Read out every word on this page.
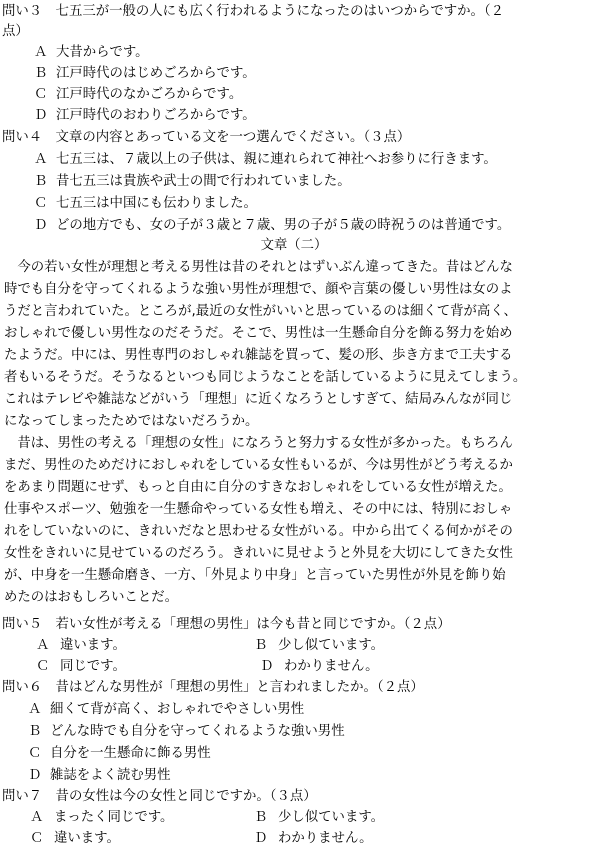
問い３　七五三が一般の人にも広く行われるようになったのはいつからですか。（２
点）
Ａ 大昔からです。
Ｂ 江戸時代のはじめごろからです。
Ｃ 江戸時代のなかごろからです。
Ｄ 江戸時代のおわりごろからです。
問い４　文章の内容とあっている文を一つ選んでください。（３点）
Ａ 七五三は、７歳以上の子供は、親に連れられて神社へお参りに行きます。
Ｂ 昔七五三は貴族や武士の間で行われていました。
Ｃ 七五三は中国にも伝わりました。
Ｄ どの地方でも、女の子が３歳と７歳、男の子が５歳の時祝うのは普通です。
文章（二）
　今の若い女性が理想と考える男性は昔のそれとはずいぶん違ってきた。昔はどんな
時でも自分を守ってくれるような強い男性が理想で、顔や言葉の優しい男性は女のよ
うだと言われていた。ところが,最近の女性がいいと思っているのは細くて背が高く、
おしゃれで優しい男性なのだそうだ。そこで、男性は一生懸命自分を飾る努力を始め
たようだ。中には、男性専門のおしゃれ雑誌を買って、髪の形、歩き方まで工夫する
者もいるそうだ。そうなるといつも同じようなことを話しているように見えてしまう。
これはテレビや雑誌などがいう「理想」に近くなろうとしすぎて、結局みんなが同じ
になってしまったためではないだろうか。
　昔は、男性の考える「理想の女性」になろうと努力する女性が多かった。もちろん
まだ、男性のためだけにおしゃれをしている女性もいるが、今は男性がどう考えるか
をあまり問題にせず、もっと自由に自分のすきなおしゃれをしている女性が増えた。
仕事やスポーツ、勉強を一生懸命やっている女性も増え、その中には、特別におしゃ
れをしていないのに、きれいだなと思わせる女性がいる。中から出てくる何かがその
女性をきれいに見せているのだろう。きれいに見せようと外見を大切にしてきた女性
が、中身を一生懸命磨き、一方、「外見より中身」と言っていた男性が外見を飾り始
めたのはおもしろいことだ。
問い５　若い女性が考える「理想の男性」は今も昔と同じですか。（２点）
Ａ 違います。	Ｂ 少し似ています。
Ｃ 同じです。	Ｄ わかりません。
問い６　昔はどんな男性が「理想の男性」と言われましたか。（２点）
Ａ 細くて背が高く、おしゃれでやさしい男性
Ｂ どんな時でも自分を守ってくれるような強い男性
Ｃ 自分を一生懸命に飾る男性
Ｄ 雑誌をよく読む男性
問い７　昔の女性は今の女性と同じですか。（３点）
Ａ まったく同じです。	Ｂ 少し似ています。
Ｃ 違います。	Ｄ わかりません。
